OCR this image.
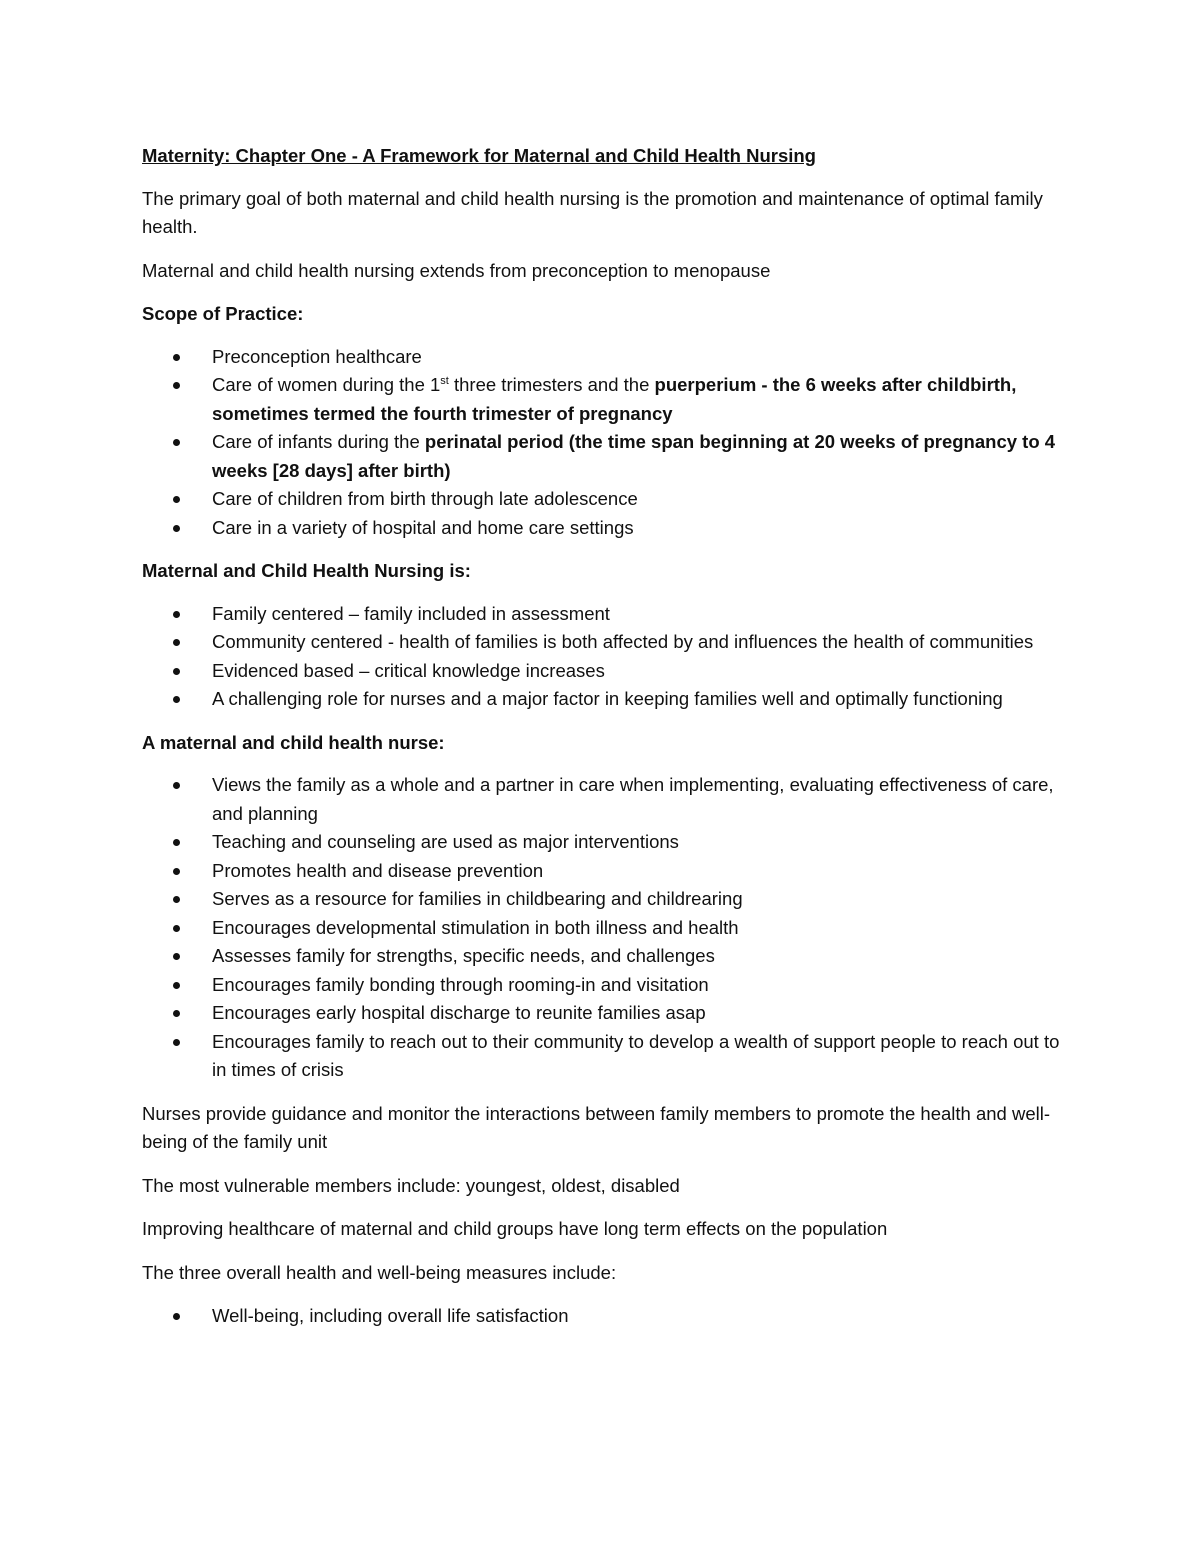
Maternity: Chapter One - A Framework for Maternal and Child Health Nursing

The primary goal of both maternal and child health nursing is the promotion and maintenance of optimal family health.

Maternal and child health nursing extends from preconception to menopause

Scope of Practice:

Preconception healthcare
Care of women during the 1st three trimesters and the puerperium - the 6 weeks after childbirth, sometimes termed the fourth trimester of pregnancy
Care of infants during the perinatal period (the time span beginning at 20 weeks of pregnancy to 4 weeks [28 days] after birth)
Care of children from birth through late adolescence
Care in a variety of hospital and home care settings

Maternal and Child Health Nursing is:

Family centered – family included in assessment
Community centered - health of families is both affected by and influences the health of communities
Evidenced based – critical knowledge increases
A challenging role for nurses and a major factor in keeping families well and optimally functioning

A maternal and child health nurse:

Views the family as a whole and a partner in care when implementing, evaluating effectiveness of care, and planning
Teaching and counseling are used as major interventions
Promotes health and disease prevention
Serves as a resource for families in childbearing and childrearing
Encourages developmental stimulation in both illness and health
Assesses family for strengths, specific needs, and challenges
Encourages family bonding through rooming-in and visitation
Encourages early hospital discharge to reunite families asap
Encourages family to reach out to their community to develop a wealth of support people to reach out to in times of crisis

Nurses provide guidance and monitor the interactions between family members to promote the health and well-being of the family unit

The most vulnerable members include: youngest, oldest, disabled

Improving healthcare of maternal and child groups have long term effects on the population

The three overall health and well-being measures include:

Well-being, including overall life satisfaction
